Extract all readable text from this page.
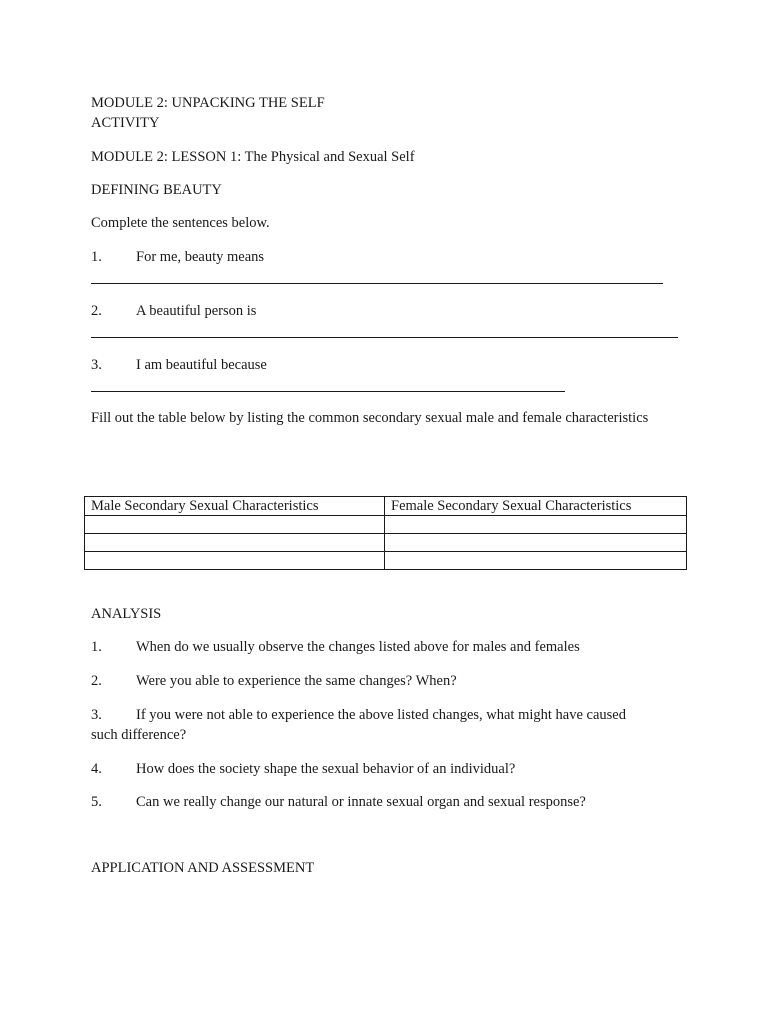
MODULE 2: UNPACKING THE SELF
ACTIVITY
MODULE 2: LESSON 1: The Physical and Sexual Self
DEFINING BEAUTY
Complete the sentences below.
1. For me, beauty means
2. A beautiful person is
3. I am beautiful because
Fill out the table below by listing the common secondary sexual male and female characteristics
Male Secondary Sexual Characteristics	Female Secondary Sexual Characteristics

ANALYSIS
1. When do we usually observe the changes listed above for males and females
2. Were you able to experience the same changes? When?
3. If you were not able to experience the above listed changes, what might have caused
such difference?
4. How does the society shape the sexual behavior of an individual?
5. Can we really change our natural or innate sexual organ and sexual response?
APPLICATION AND ASSESSMENT
